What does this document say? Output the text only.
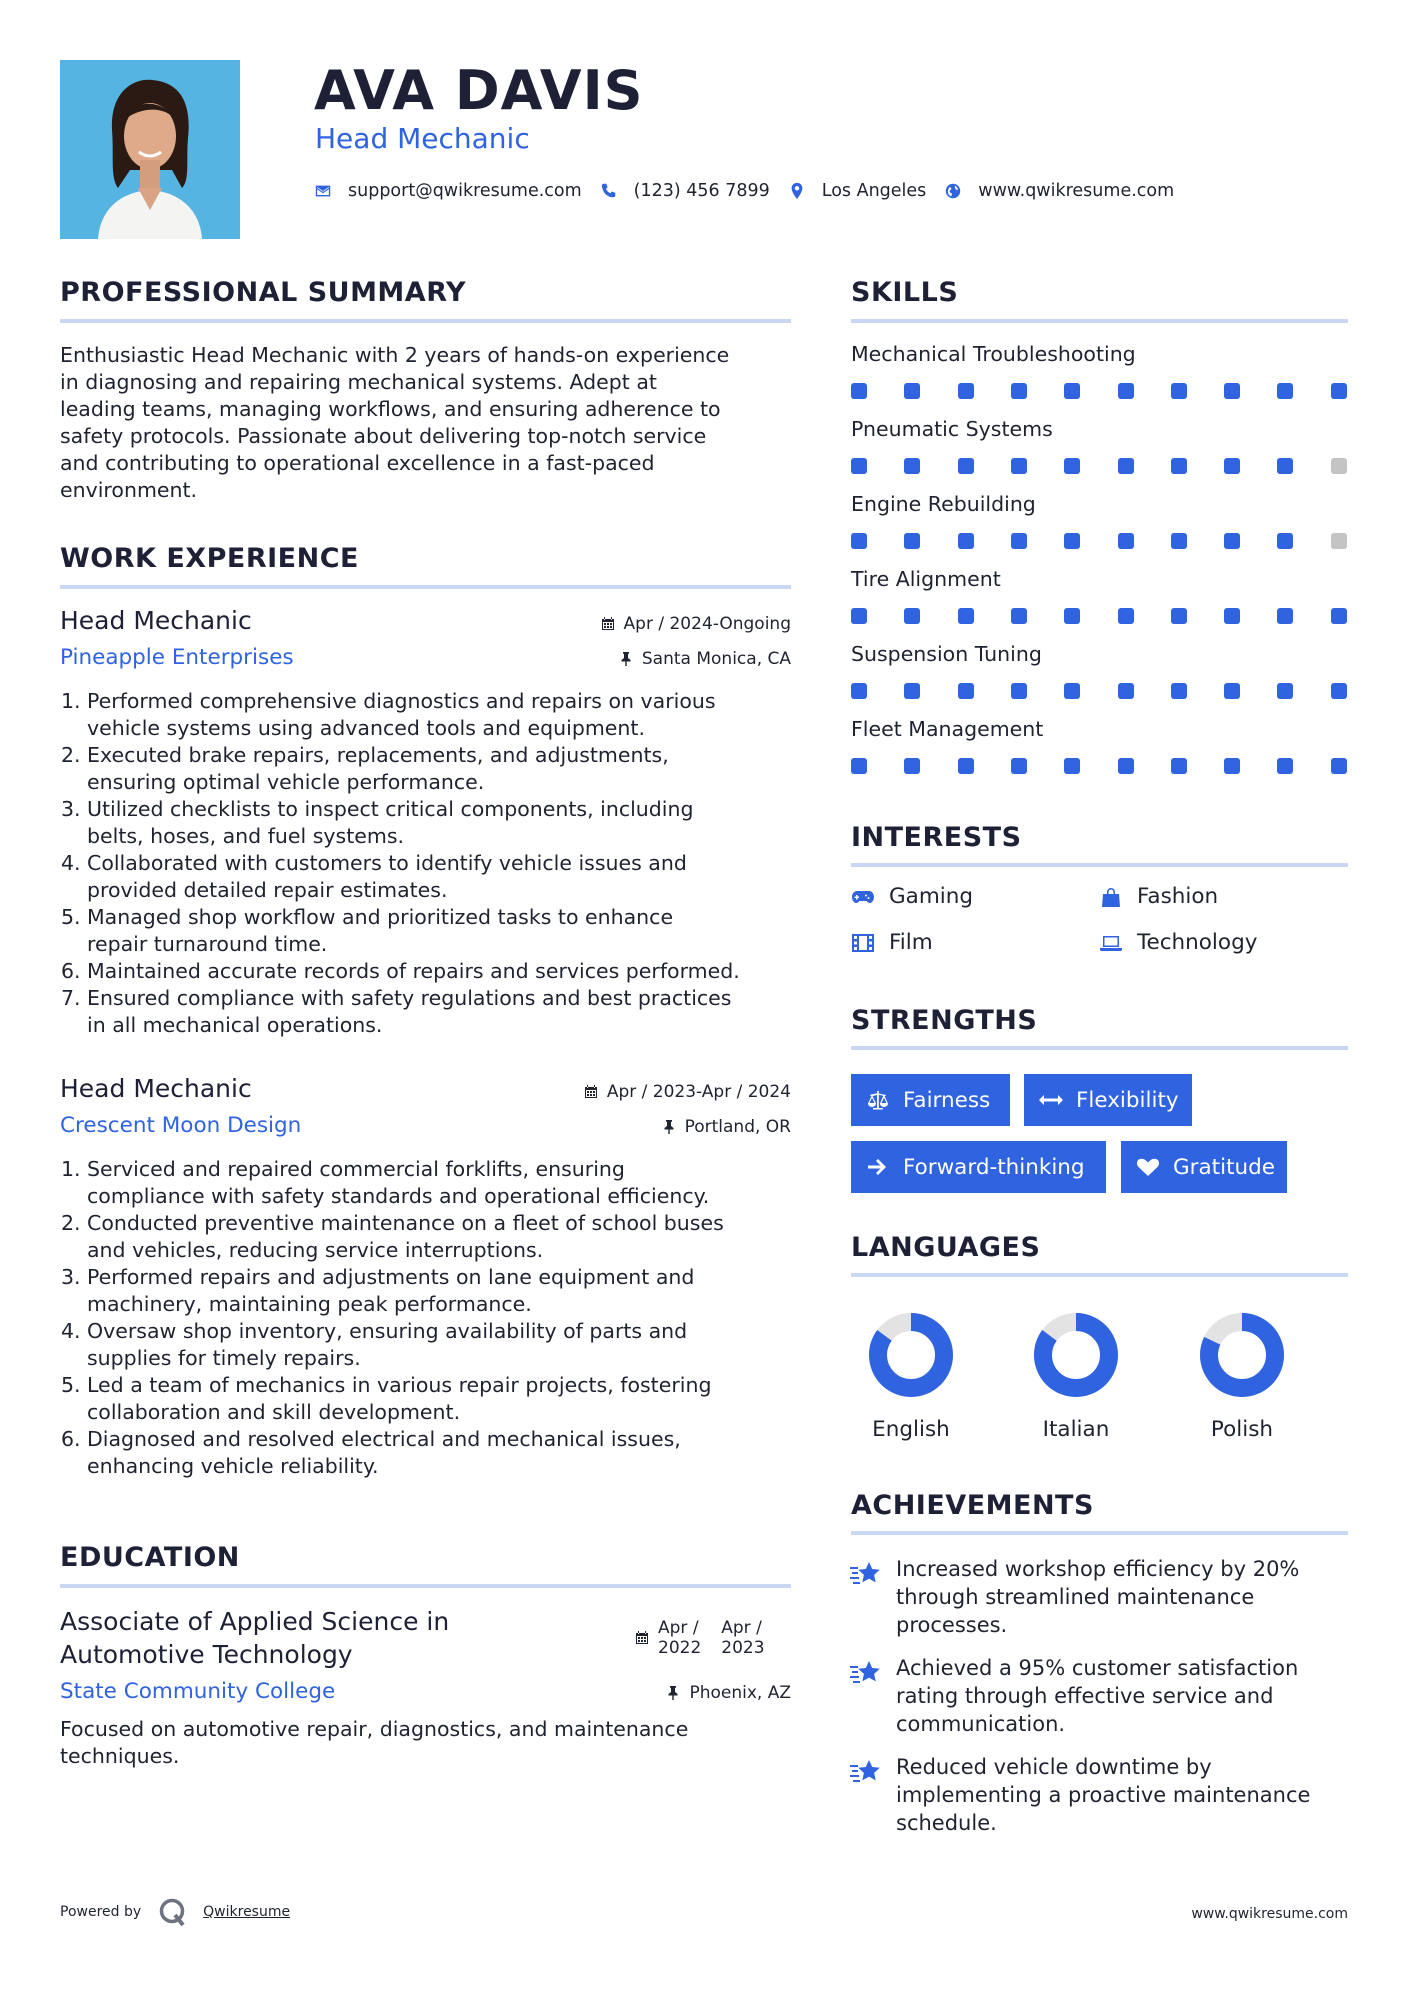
AVA DAVIS
Head Mechanic
support@qwikresume.com	(123) 456 7899	Los Angeles	www.qwikresume.com
PROFESSIONAL SUMMARY
Enthusiastic Head Mechanic with 2 years of hands-on experience
in diagnosing and repairing mechanical systems. Adept at
leading teams, managing workflows, and ensuring adherence to
safety protocols. Passionate about delivering top-notch service
and contributing to operational excellence in a fast-paced
environment.
WORK EXPERIENCE
Head Mechanic	Apr / 2024-Ongoing
Pineapple Enterprises	Santa Monica, CA
1. Performed comprehensive diagnostics and repairs on various
vehicle systems using advanced tools and equipment.
2. Executed brake repairs, replacements, and adjustments,
ensuring optimal vehicle performance.
3. Utilized checklists to inspect critical components, including
belts, hoses, and fuel systems.
4. Collaborated with customers to identify vehicle issues and
provided detailed repair estimates.
5. Managed shop workflow and prioritized tasks to enhance
repair turnaround time.
6. Maintained accurate records of repairs and services performed.
7. Ensured compliance with safety regulations and best practices
in all mechanical operations.
Head Mechanic	Apr / 2023-Apr / 2024
Crescent Moon Design	Portland, OR
1. Serviced and repaired commercial forklifts, ensuring
compliance with safety standards and operational efficiency.
2. Conducted preventive maintenance on a fleet of school buses
and vehicles, reducing service interruptions.
3. Performed repairs and adjustments on lane equipment and
machinery, maintaining peak performance.
4. Oversaw shop inventory, ensuring availability of parts and
supplies for timely repairs.
5. Led a team of mechanics in various repair projects, fostering
collaboration and skill development.
6. Diagnosed and resolved electrical and mechanical issues,
enhancing vehicle reliability.
EDUCATION
Associate of Applied Science in
Automotive Technology
Apr /
2022
Apr /
2023
State Community College	Phoenix, AZ
Focused on automotive repair, diagnostics, and maintenance
techniques.
SKILLS
Mechanical Troubleshooting
Pneumatic Systems
Engine Rebuilding
Tire Alignment
Suspension Tuning
Fleet Management
INTERESTS
Gaming	Fashion
Film	Technology
STRENGTHS
Fairness	Flexibility
Forward-thinking	Gratitude
LANGUAGES
English	Italian	Polish
ACHIEVEMENTS
Increased workshop efficiency by 20%
through streamlined maintenance
processes.
Achieved a 95% customer satisfaction
rating through effective service and
communication.
Reduced vehicle downtime by
implementing a proactive maintenance
schedule.
Powered by	Qwikresume	www.qwikresume.com
